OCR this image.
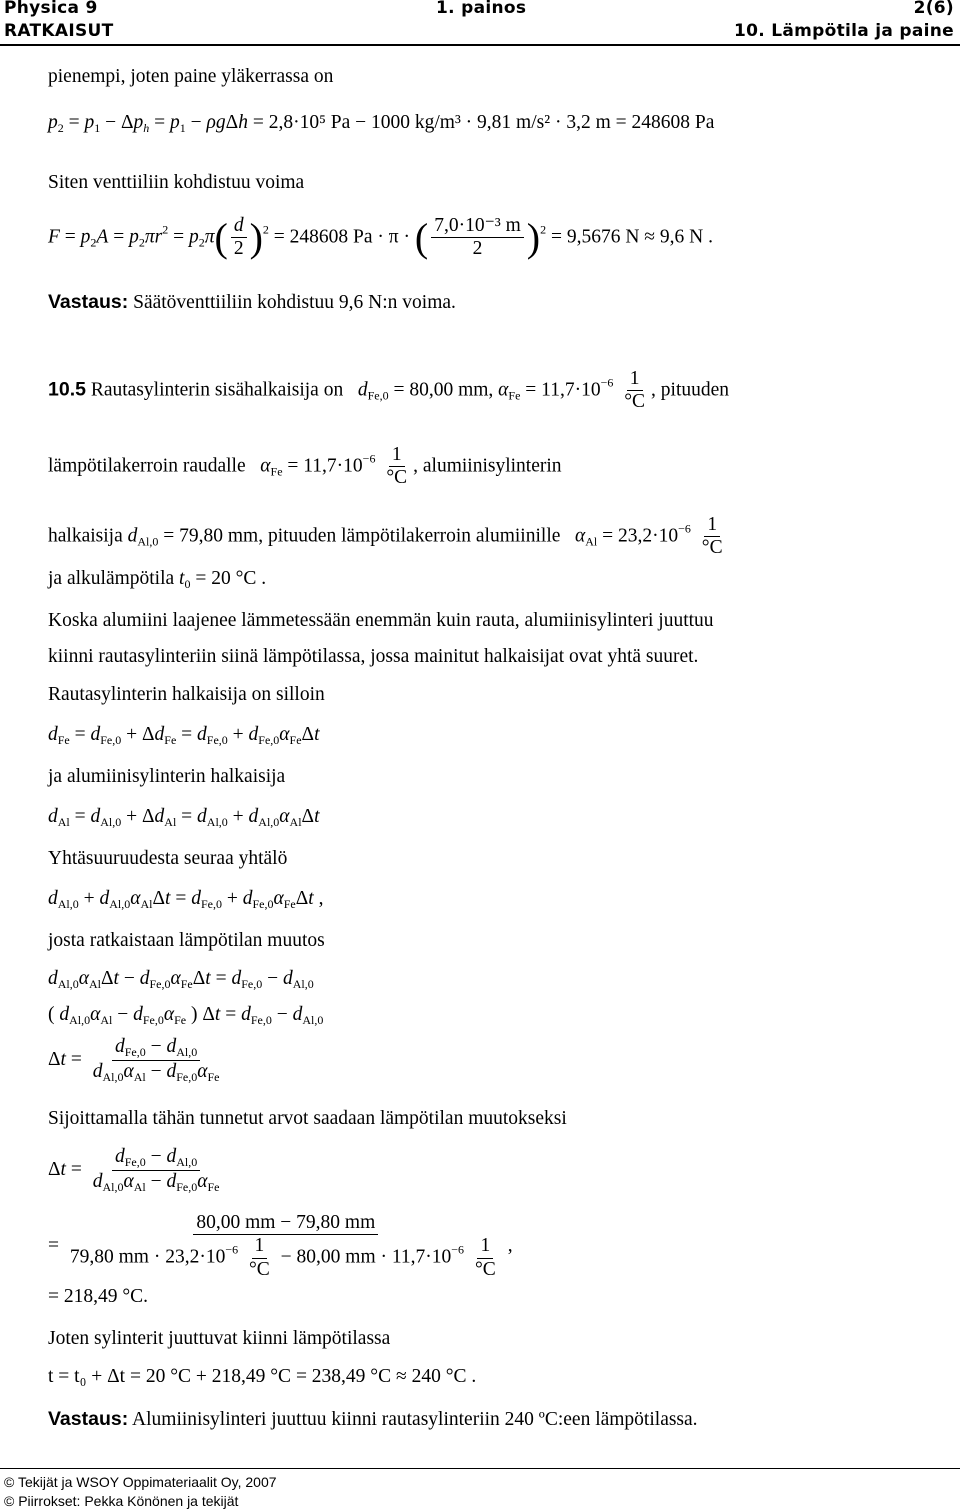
Physica 9	1. painos	2(6)
RATKAISUT	10. Lämpötila ja paine
pienempi, joten paine yläkerrassa on
$p_2 = p_1 - \Delta p_h = p_1 - \rho g\Delta h = 2,8\cdot 10^5$ Pa − 1000 kg/m³ · 9,81 m/s² · 3,2 m = 248608 Pa
Siten venttiiliin kohdistuu voima
$F = p_2A = p_2\pi r^2 = p_2\pi( \frac{d}{2} )^2 = 248608$ Pa · π · ( $\frac{\text{7,0·10⁻³ m}}{2} )^2 = 9,5676$ N ≈ 9,6 N .
Vastaus: Säätöventtiiliin kohdistuu 9,6 N:n voima.
10.5 Rautasylinterin sisähalkaisija on $d_{Fe,0} = 80,00$ mm, $\alpha_{Fe} = 11,7\cdot 10^{-6} \frac{1}{^\circ C}$ , pituuden
lämpötilakerroin raudalle $\alpha_{Fe} = 11,7\cdot 10^{-6} \frac{1}{^\circ C}$ , alumiinisylinterin
halkaisija $d_{Al,0} = 79,80$ mm, pituuden lämpötilakerroin alumiinille $\alpha_{Al} = 23,2\cdot 10^{-6} \frac{1}{^\circ C}$
ja alkulämpötila $t_0 = 20$ °C .
Koska alumiini laajenee lämmetessään enemmän kuin rauta, alumiinisylinteri juuttuu
kiinni rautasylinteriin siinä lämpötilassa, jossa mainitut halkaisijat ovat yhtä suuret.
Rautasylinterin halkaisija on silloin
$d_{Fe} = d_{Fe,0} + \Delta d_{Fe} = d_{Fe,0} + d_{Fe,0}\alpha_{Fe}\Delta t$
ja alumiinisylinterin halkaisija
$d_{Al} = d_{Al,0} + \Delta d_{Al} = d_{Al,0} + d_{Al,0}\alpha_{Al}\Delta t$
Yhtäsuuruudesta seuraa yhtälö
$d_{Al,0} + d_{Al,0}\alpha_{Al}\Delta t = d_{Fe,0} + d_{Fe,0}\alpha_{Fe}\Delta t$ ,
josta ratkaistaan lämpötilan muutos
$d_{Al,0}\alpha_{Al}\Delta t - d_{Fe,0}\alpha_{Fe}\Delta t = d_{Fe,0} - d_{Al,0}$
( $d_{Al,0}\alpha_{Al} - d_{Fe,0}\alpha_{Fe}$ ) $\Delta t = d_{Fe,0} - d_{Al,0}$
$\Delta t = \frac{d_{Fe,0} - d_{Al,0}}{d_{Al,0}\alpha_{Al} - d_{Fe,0}\alpha_{Fe}}$
Sijoittamalla tähän tunnetut arvot saadaan lämpötilan muutokseksi
$\Delta t = \frac{d_{Fe,0} - d_{Al,0}}{d_{Al,0}\alpha_{Al} - d_{Fe,0}\alpha_{Fe}}$
= $\frac{80,00 mm - 79,80 mm}{79,80 mm \cdot 23,2\cdot 10^{-6} \frac{1}{^\circ C} - 80,00 mm \cdot 11,7\cdot 10^{-6} \frac{1}{^\circ C}}$ ,
= 218,49 °C.
Joten sylinterit juuttuvat kiinni lämpötilassa
t = t₀ + Δt = 20 °C + 218,49 °C = 238,49 °C ≈ 240 °C .
Vastaus: Alumiinisylinteri juuttuu kiinni rautasylinteriin 240 ºC:een lämpötilassa.
© Tekijät ja WSOY Oppimateriaalit Oy, 2007
© Piirrokset: Pekka Könönen ja tekijät
